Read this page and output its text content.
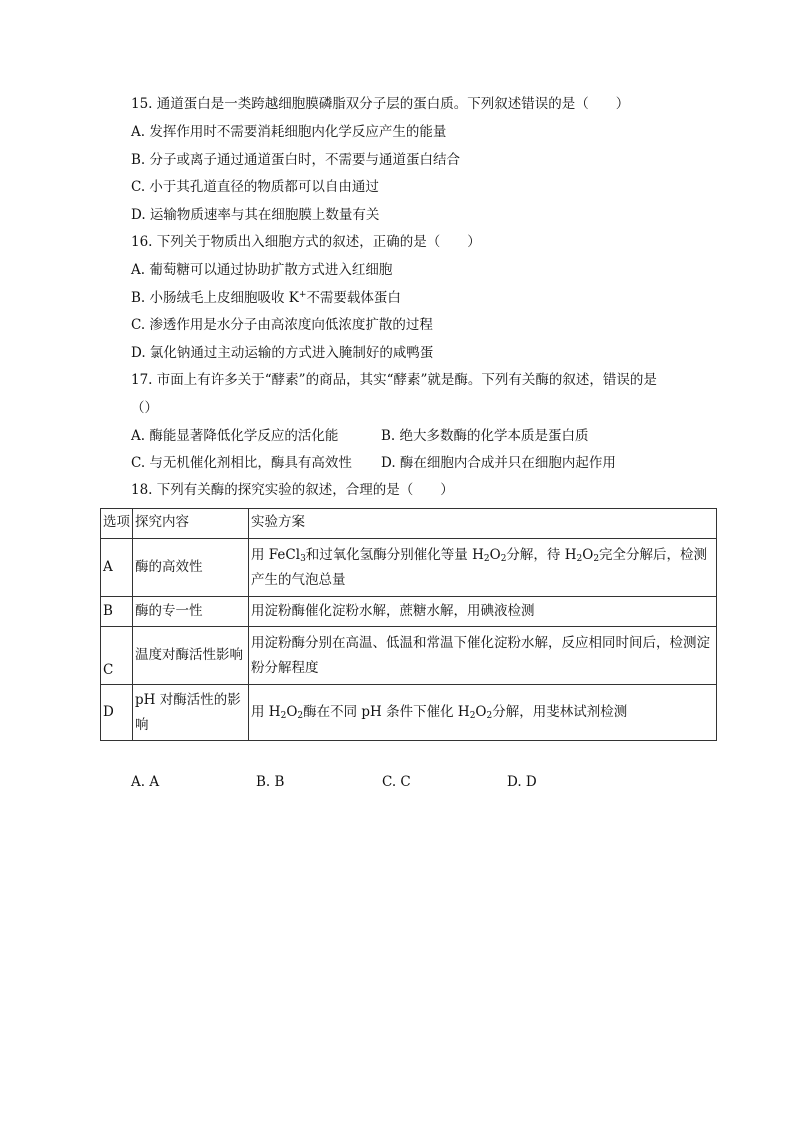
15. 通道蛋白是一类跨越细胞膜磷脂双分子层的蛋白质。下列叙述错误的是（　　）
A. 发挥作用时不需要消耗细胞内化学反应产生的能量
B. 分子或离子通过通道蛋白时，不需要与通道蛋白结合
C. 小于其孔道直径的物质都可以自由通过
D. 运输物质速率与其在细胞膜上数量有关
16. 下列关于物质出入细胞方式的叙述，正确的是（　　）
A. 葡萄糖可以通过协助扩散方式进入红细胞
B. 小肠绒毛上皮细胞吸收 K+不需要载体蛋白
C. 渗透作用是水分子由高浓度向低浓度扩散的过程
D. 氯化钠通过主动运输的方式进入腌制好的咸鸭蛋
17. 市面上有许多关于“酵素”的商品，其实“酵素”就是酶。下列有关酶的叙述，错误的是
（）
A. 酶能显著降低化学反应的活化能	B. 绝大多数酶的化学本质是蛋白质
C. 与无机催化剂相比，酶具有高效性 D. 酶在细胞内合成并只在细胞内起作用
18. 下列有关酶的探究实验的叙述，合理的是（　　）
选项	探究内容	实验方案
A	酶的高效性	用 FeCl$_3$和过氧化氢酶分别催化等量 $H_2O_2$分解，待 $H_2O_2$完全分解后，检测产生的气泡总量
B	酶的专一性	用淀粉酶催化淀粉水解，蔗糖水解，用碘液检测
C	温度对酶活性影响	用淀粉酶分别在高温、低温和常温下催化淀粉水解，反应相同时间后，检测淀粉分解程度
D	pH 对酶活性的影响	用 $H_2O_2$酶在不同 pH 条件下催化 $H_2O_2$分解，用斐林试剂检测
A. A	B. B	C. C	D. D
